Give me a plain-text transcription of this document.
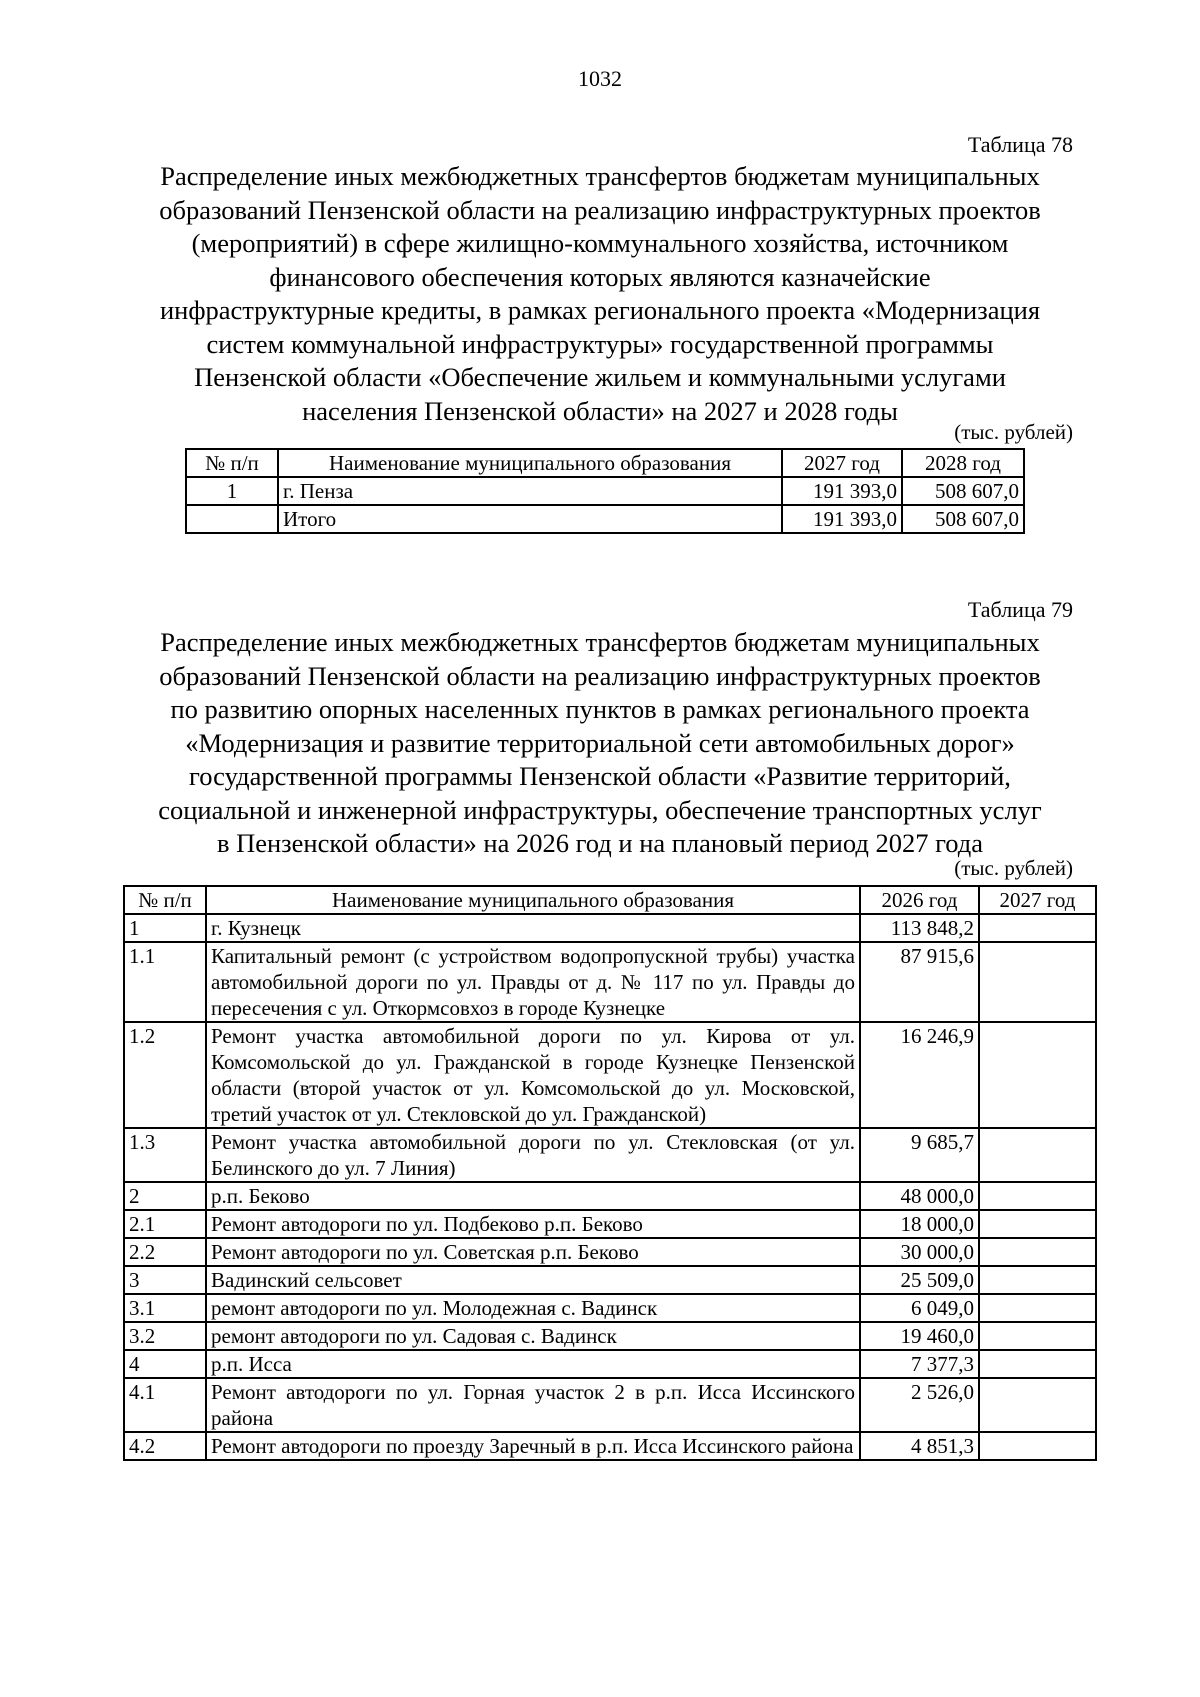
1032
Таблица 78
Распределение иных межбюджетных трансфертов бюджетам муниципальных
образований Пензенской области на реализацию инфраструктурных проектов
(мероприятий) в сфере жилищно-коммунального хозяйства, источником
финансового обеспечения которых являются казначейские
инфраструктурные кредиты, в рамках регионального проекта «Модернизация
систем коммунальной инфраструктуры» государственной программы
Пензенской области «Обеспечение жильем и коммунальными услугами
населения Пензенской области» на 2027 и 2028 годы
(тыс. рублей)
№ п/п	Наименование муниципального образования	2027 год	2028 год
1	г. Пенза	191 393,0	508 607,0
	Итого	191 393,0	508 607,0
Таблица 79
Распределение иных межбюджетных трансфертов бюджетам муниципальных
образований Пензенской области на реализацию инфраструктурных проектов
по развитию опорных населенных пунктов в рамках регионального проекта
«Модернизация и развитие территориальной сети автомобильных дорог»
государственной программы Пензенской области «Развитие территорий,
социальной и инженерной инфраструктуры, обеспечение транспортных услуг
в Пензенской области» на 2026 год и на плановый период 2027 года
(тыс. рублей)
№ п/п	Наименование муниципального образования	2026 год	2027 год
1	г. Кузнецк	113 848,2	
1.1	Капитальный ремонт (с устройством водопропускной трубы) участка автомобильной дороги по ул. Правды от д. № 117 по ул. Правды до пересечения с ул. Откормсовхоз в городе Кузнецке	87 915,6	
1.2	Ремонт участка автомобильной дороги по ул. Кирова от ул. Комсомольской до ул. Гражданской в городе Кузнецке Пензенской области (второй участок от ул. Комсомольской до ул. Московской, третий участок от ул. Стекловской до ул. Гражданской)	16 246,9	
1.3	Ремонт участка автомобильной дороги по ул. Стекловская (от ул. Белинского до ул. 7 Линия)	9 685,7	
2	р.п. Беково	48 000,0	
2.1	Ремонт автодороги по ул. Подбеково р.п. Беково	18 000,0	
2.2	Ремонт автодороги по ул. Советская р.п. Беково	30 000,0	
3	Вадинский сельсовет	25 509,0	
3.1	ремонт автодороги по ул. Молодежная с. Вадинск	6 049,0	
3.2	ремонт автодороги по ул. Садовая с. Вадинск	19 460,0	
4	р.п. Исса	7 377,3	
4.1	Ремонт автодороги по ул. Горная участок 2 в р.п. Исса Иссинского района	2 526,0	
4.2	Ремонт автодороги по проезду Заречный в р.п. Исса Иссинского района	4 851,3	
